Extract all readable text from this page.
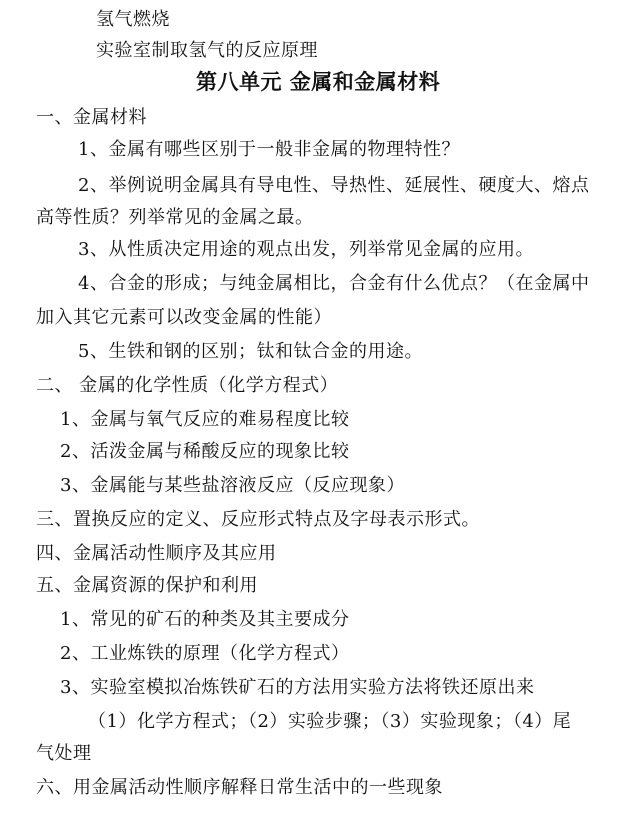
氢气燃烧
实验室制取氢气的反应原理
第八单元 金属和金属材料
一、金属材料
1、金属有哪些区别于一般非金属的物理特性？
2、举例说明金属具有导电性、导热性、延展性、硬度大、熔点
高等性质？列举常见的金属之最。
3、从性质决定用途的观点出发，列举常见金属的应用。
4、合金的形成；与纯金属相比，合金有什么优点？（在金属中
加入其它元素可以改变金属的性能）
5、生铁和钢的区别；钛和钛合金的用途。
二、 金属的化学性质（化学方程式）
1、金属与氧气反应的难易程度比较
2、活泼金属与稀酸反应的现象比较
3、金属能与某些盐溶液反应（反应现象）
三、置换反应的定义、反应形式特点及字母表示形式。
四、金属活动性顺序及其应用
五、金属资源的保护和利用
1、常见的矿石的种类及其主要成分
2、工业炼铁的原理（化学方程式）
3、实验室模拟冶炼铁矿石的方法用实验方法将铁还原出来
（1）化学方程式；（2）实验步骤；（3）实验现象；（4）尾
气处理
六、用金属活动性顺序解释日常生活中的一些现象
